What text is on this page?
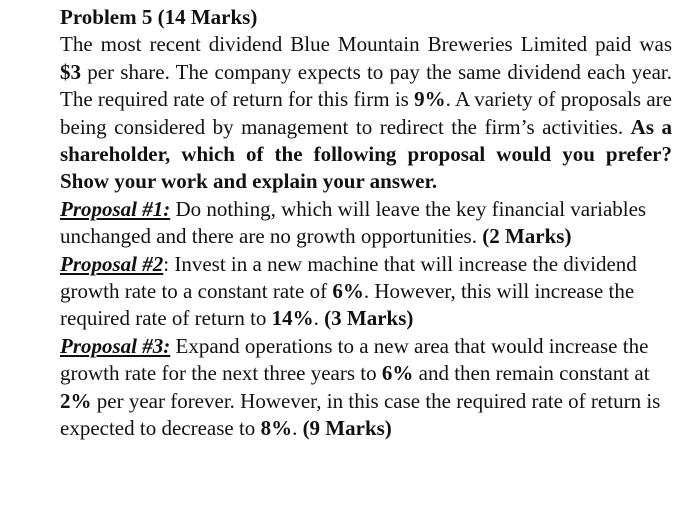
Problem 5 (14 Marks)

The most recent dividend Blue Mountain Breweries Limited paid was $3 per share. The company expects to pay the same dividend each year. The required rate of return for this firm is 9%. A variety of proposals are being considered by management to redirect the firm’s activities. As a shareholder, which of the following proposal would you prefer? Show your work and explain your answer.

Proposal #1: Do nothing, which will leave the key financial variables unchanged and there are no growth opportunities. (2 Marks)

Proposal #2: Invest in a new machine that will increase the dividend growth rate to a constant rate of 6%. However, this will increase the required rate of return to 14%. (3 Marks)

Proposal #3: Expand operations to a new area that would increase the growth rate for the next three years to 6% and then remain constant at 2% per year forever. However, in this case the required rate of return is expected to decrease to 8%. (9 Marks)
